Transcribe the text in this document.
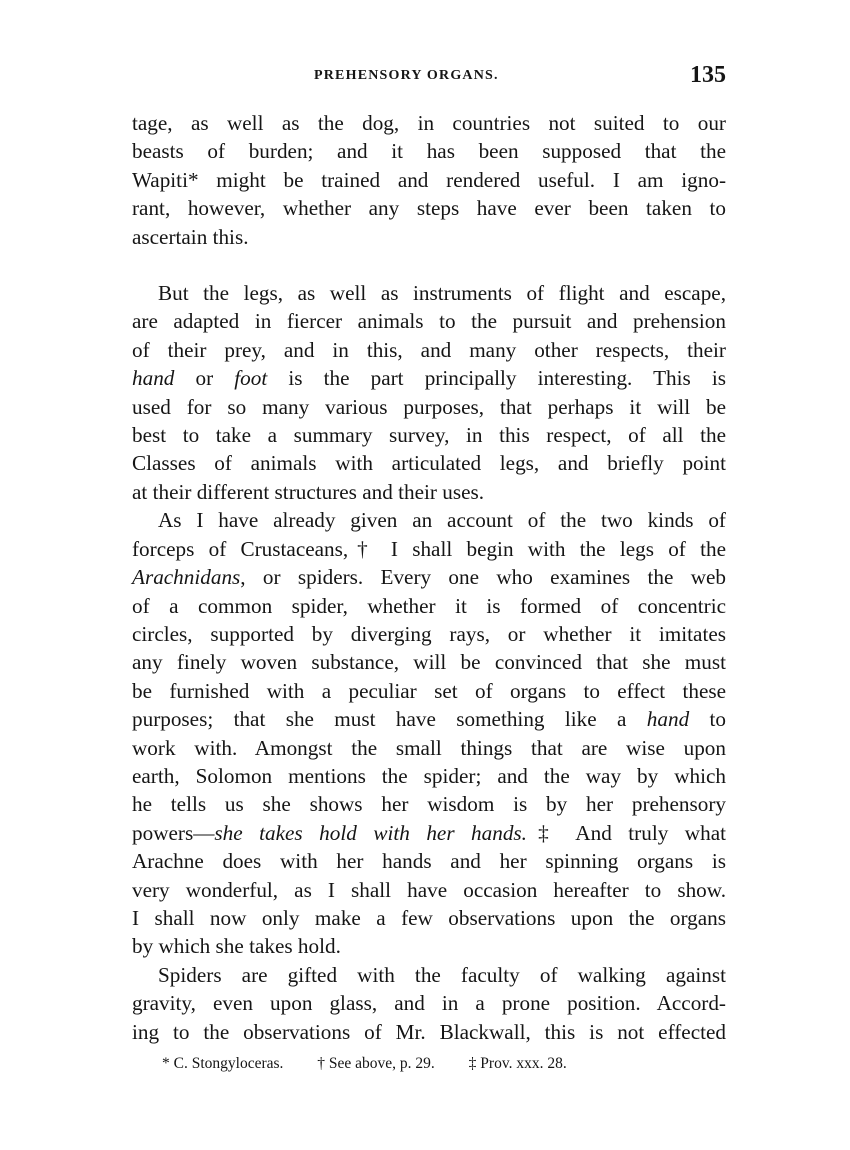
PREHENSORY ORGANS.	135

tage, as well as the dog, in countries not suited to our
beasts of burden; and it has been supposed that the
Wapiti* might be trained and rendered useful. I am igno-
rant, however, whether any steps have ever been taken to
ascertain this.

But the legs, as well as instruments of flight and escape,
are adapted in fiercer animals to the pursuit and prehension
of their prey, and in this, and many other respects, their
hand or foot is the part principally interesting. This is
used for so many various purposes, that perhaps it will be
best to take a summary survey, in this respect, of all the
Classes of animals with articulated legs, and briefly point
at their different structures and their uses.

As I have already given an account of the two kinds of
forceps of Crustaceans,† I shall begin with the legs of the
Arachnidans, or spiders. Every one who examines the web
of a common spider, whether it is formed of concentric
circles, supported by diverging rays, or whether it imitates
any finely woven substance, will be convinced that she must
be furnished with a peculiar set of organs to effect these
purposes; that she must have something like a hand to
work with. Amongst the small things that are wise upon
earth, Solomon mentions the spider; and the way by which
he tells us she shows her wisdom is by her prehensory
powers—she takes hold with her hands.‡ And truly what
Arachne does with her hands and her spinning organs is
very wonderful, as I shall have occasion hereafter to show.
I shall now only make a few observations upon the organs
by which she takes hold.

Spiders are gifted with the faculty of walking against
gravity, even upon glass, and in a prone position. Accord-
ing to the observations of Mr. Blackwall, this is not effected

* C. Stongyloceras. † See above, p. 29. ‡ Prov. xxx. 28.
